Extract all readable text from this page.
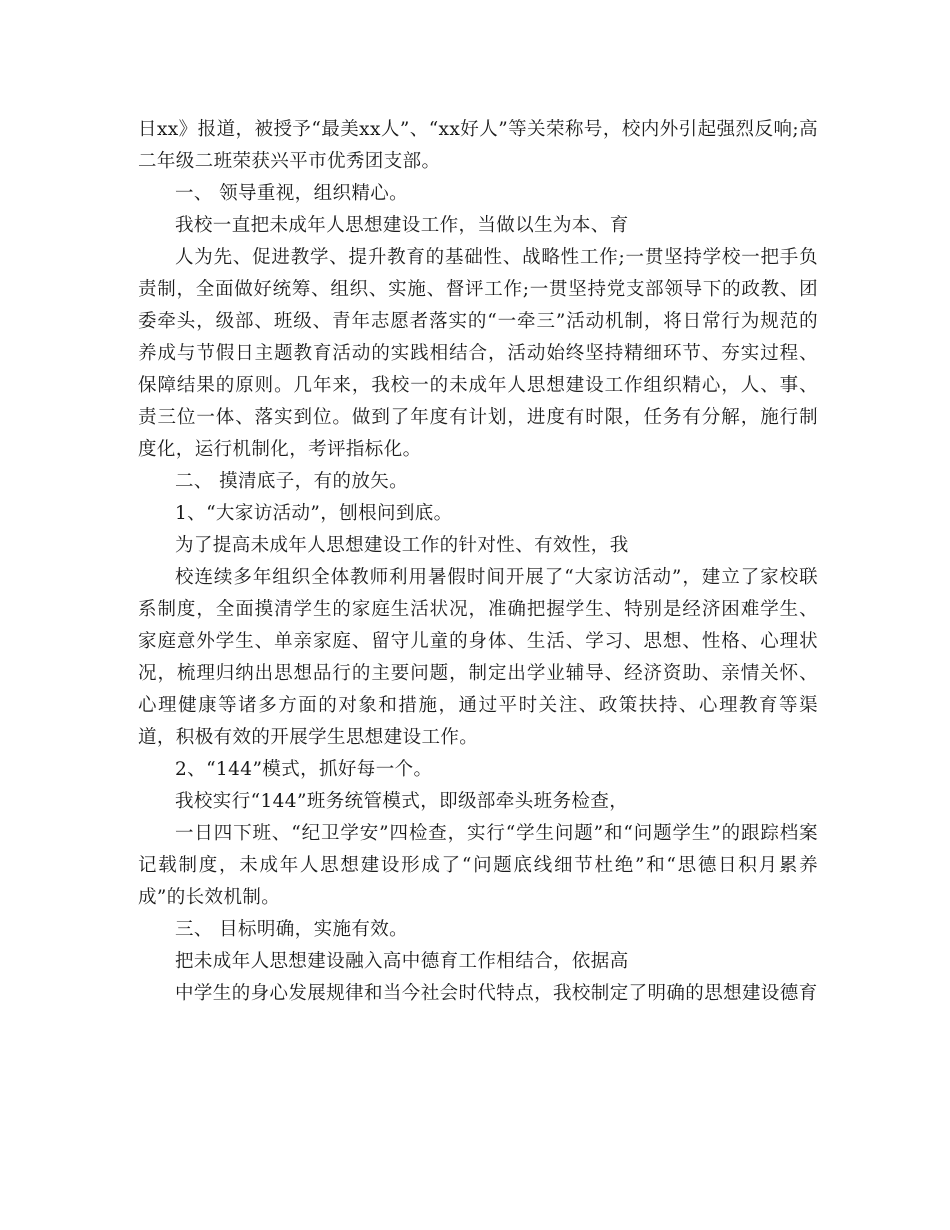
日xx》报道，被授予“最美xx人”、“xx好人”等关荣称号，校内外引起强烈反响;高二年级二班荣获兴平市优秀团支部。

一、 领导重视，组织精心。

我校一直把未成年人思想建设工作，当做以生为本、育

人为先、促进教学、提升教育的基础性、战略性工作;一贯坚持学校一把手负责制，全面做好统筹、组织、实施、督评工作;一贯坚持党支部领导下的政教、团委牵头，级部、班级、青年志愿者落实的“一牵三”活动机制，将日常行为规范的养成与节假日主题教育活动的实践相结合，活动始终坚持精细环节、夯实过程、保障结果的原则。几年来，我校一的未成年人思想建设工作组织精心，人、事、责三位一体、落实到位。做到了年度有计划，进度有时限，任务有分解，施行制度化，运行机制化，考评指标化。

二、 摸清底子，有的放矢。

1、“大家访活动”，刨根问到底。

为了提高未成年人思想建设工作的针对性、有效性，我

校连续多年组织全体教师利用暑假时间开展了“大家访活动”，建立了家校联系制度，全面摸清学生的家庭生活状况，准确把握学生、特别是经济困难学生、家庭意外学生、单亲家庭、留守儿童的身体、生活、学习、思想、性格、心理状况，梳理归纳出思想品行的主要问题，制定出学业辅导、经济资助、亲情关怀、心理健康等诸多方面的对象和措施，通过平时关注、政策扶持、心理教育等渠道，积极有效的开展学生思想建设工作。

2、“144”模式，抓好每一个。

我校实行“144”班务统管模式，即级部牵头班务检查，

一日四下班、“纪卫学安”四检查，实行“学生问题”和“问题学生”的跟踪档案记载制度，未成年人思想建设形成了“问题底线细节杜绝”和“思德日积月累养成”的长效机制。

三、 目标明确，实施有效。

把未成年人思想建设融入高中德育工作相结合，依据高

中学生的身心发展规律和当今社会时代特点，我校制定了明确的思想建设德育
